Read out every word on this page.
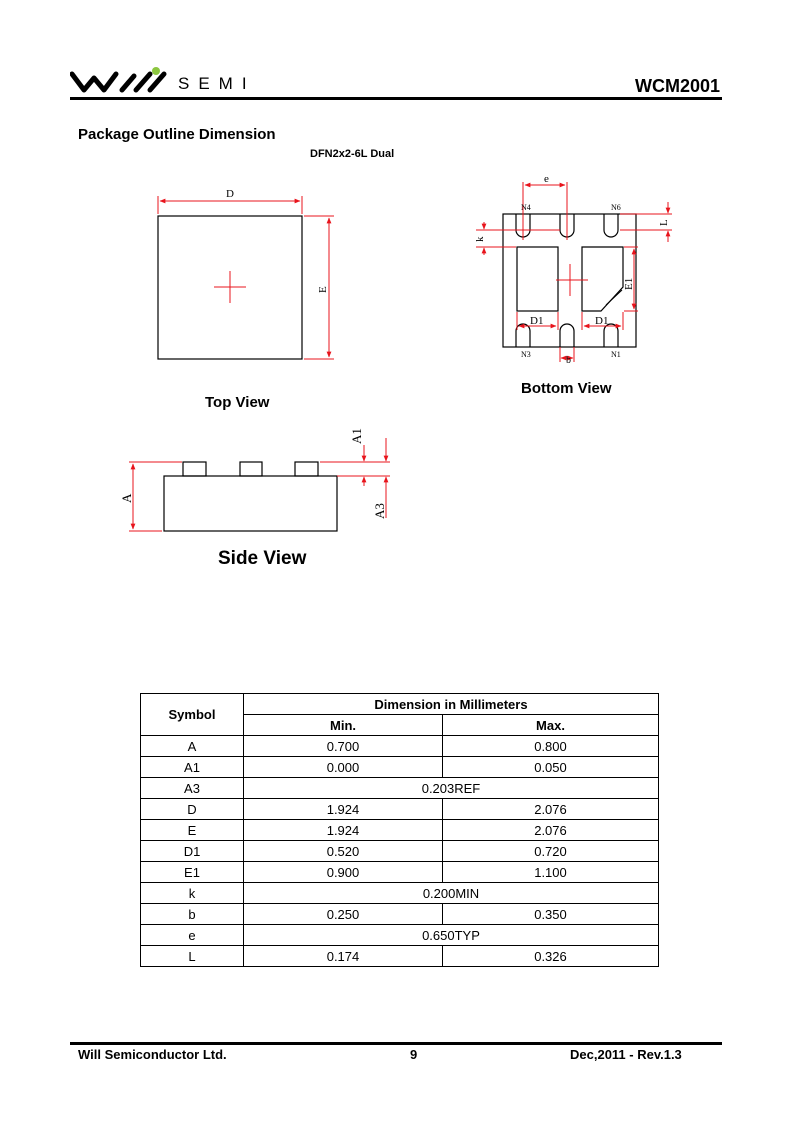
SEMI	WCM2001
Package Outline Dimension
DFN2x2-6L Dual
D
E
Top View
e
k
L
E1
D1	D1
b
N4	N6
N3	N1
Bottom View
A
A1
A3
Side View
Symbol	Dimension in Millimeters	
	Min.	Max.
A	0.700	0.800
A1	0.000	0.050
A3	0.203REF	
D	1.924	2.076
E	1.924	2.076
D1	0.520	0.720
E1	0.900	1.100
k	0.200MIN	
b	0.250	0.350
e	0.650TYP	
L	0.174	0.326
Will Semiconductor Ltd.	9	Dec,2011 - Rev.1.3
